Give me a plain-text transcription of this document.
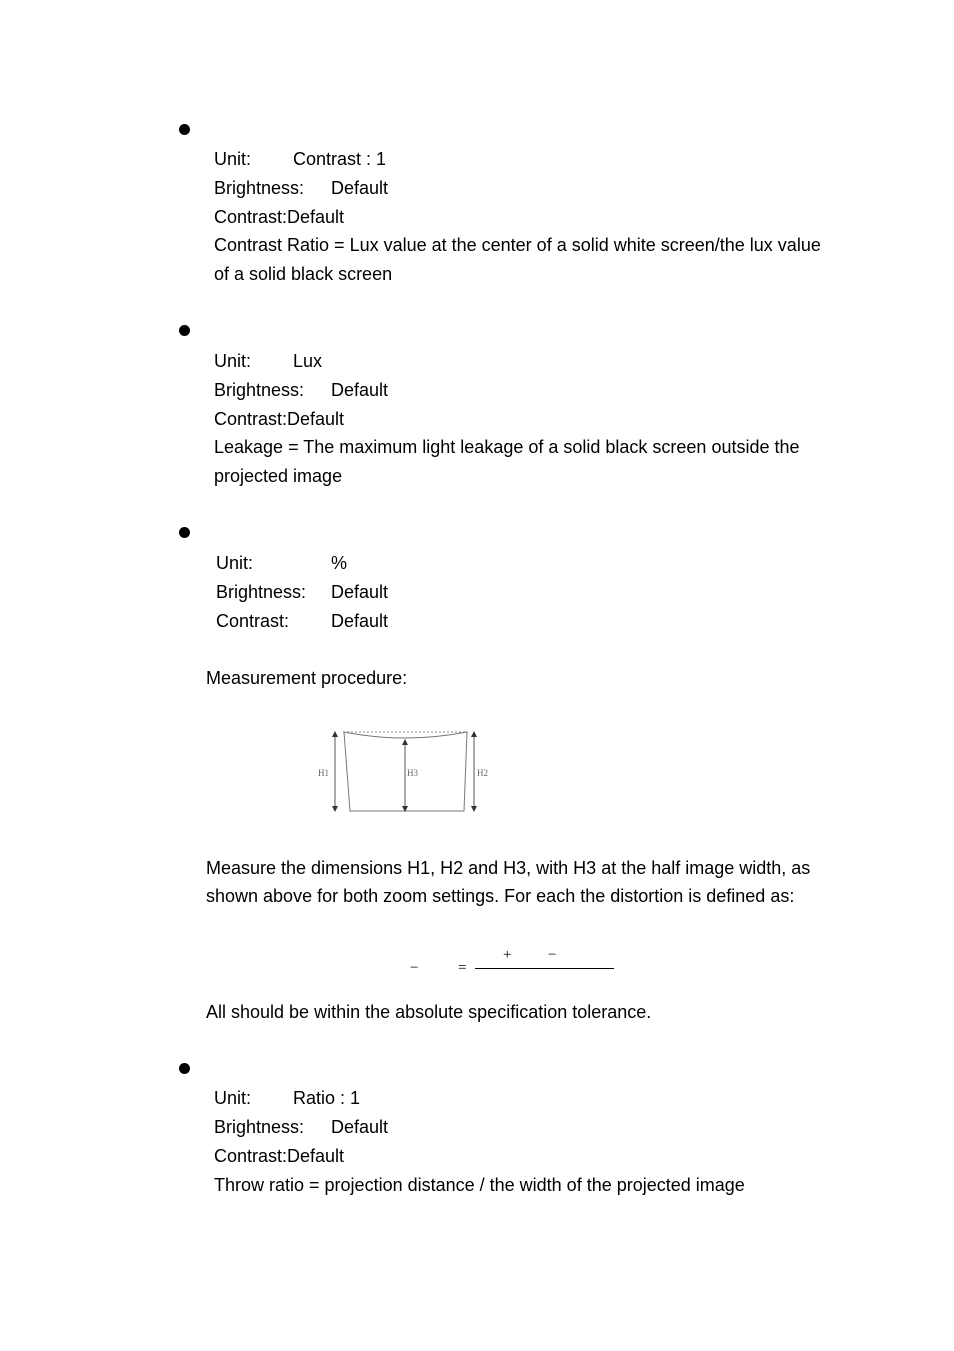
Unit: Contrast : 1
Brightness: Default
Contrast:Default
Contrast Ratio = Lux value at the center of a solid white screen/the lux value
of a solid black screen
Unit: Lux
Brightness: Default
Contrast:Default
Leakage = The maximum light leakage of a solid black screen outside the
projected image
Unit:	%
Brightness: Default
Contrast: Default
Measurement procedure:
H1	H3	H2
Measure the dimensions H1, H2 and H3, with H3 at the half image width, as
shown above for both zoom settings. For each the distortion is defined as:
−	=
+ −
All should be within the absolute specification tolerance.
Unit: Ratio : 1
Brightness: Default
Contrast:Default
Throw ratio = projection distance / the width of the projected image
